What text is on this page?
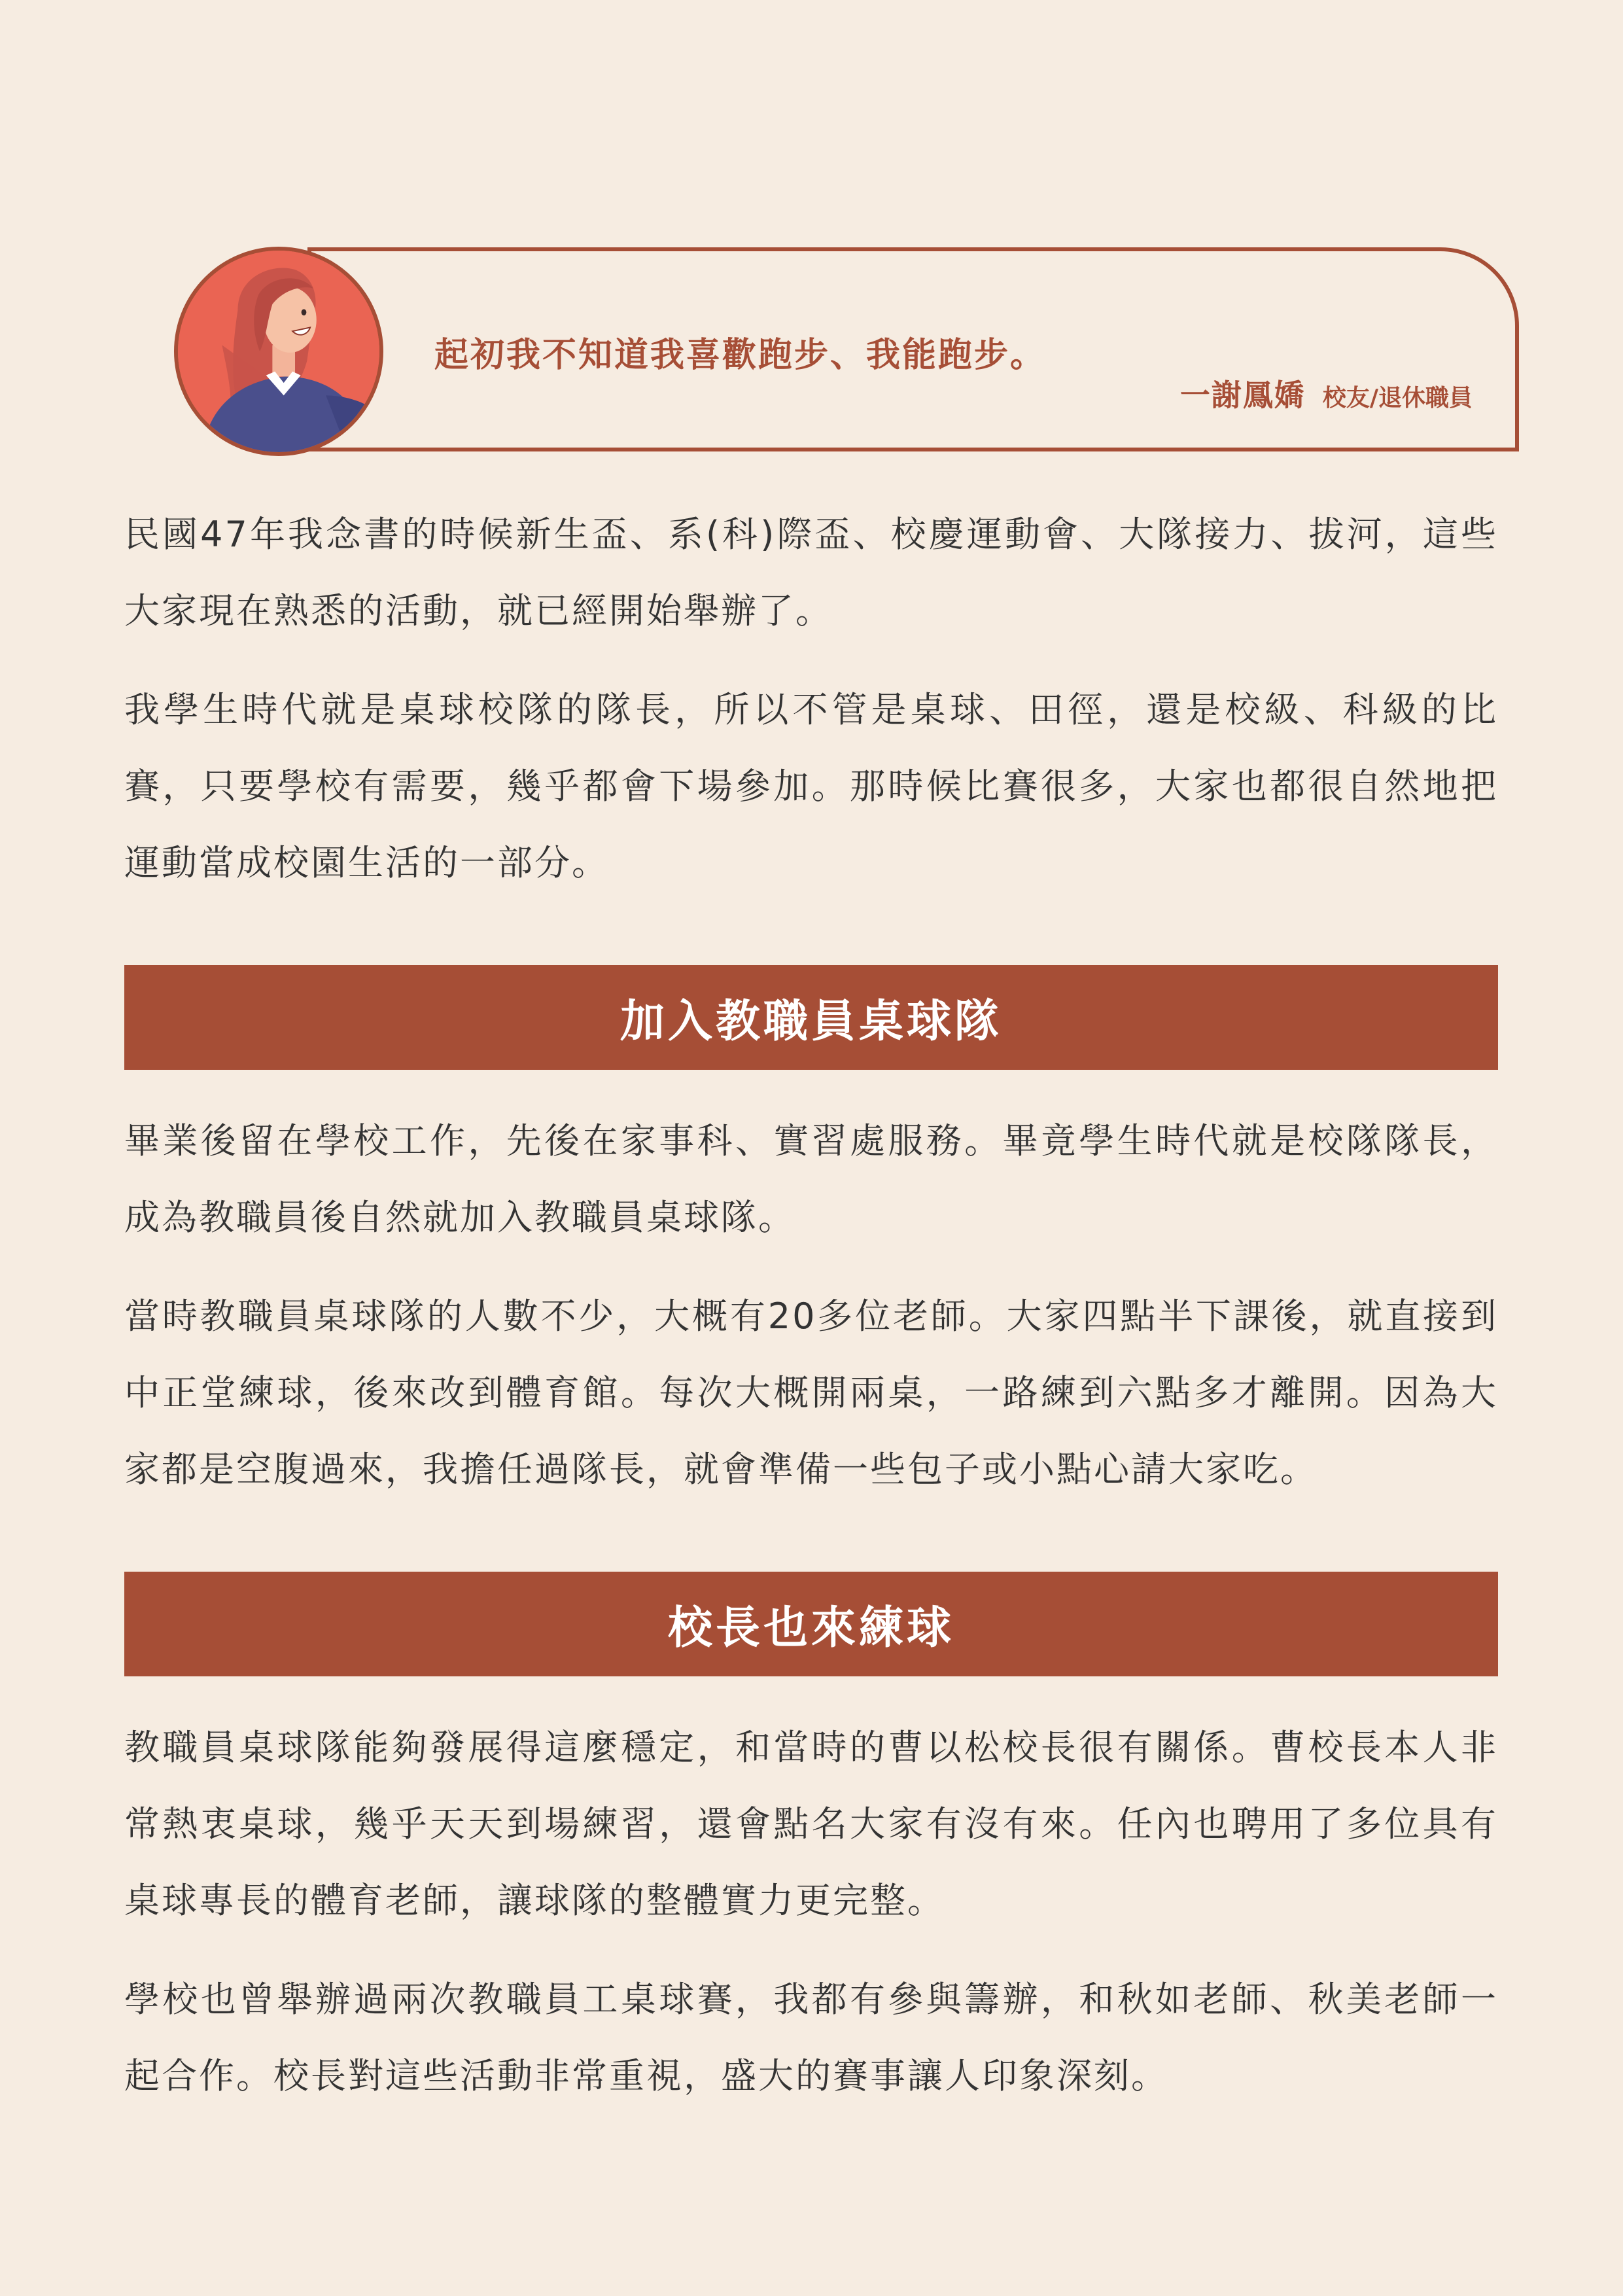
起初我不知道我喜歡跑步、我能跑步。
一謝鳳嬌 校友/退休職員

民國47年我念書的時候新生盃、系(科)際盃、校慶運動會、大隊接力、拔河，這些大家現在熟悉的活動，就已經開始舉辦了。

我學生時代就是桌球校隊的隊長，所以不管是桌球、田徑，還是校級、科級的比賽，只要學校有需要，幾乎都會下場參加。那時候比賽很多，大家也都很自然地把運動當成校園生活的一部分。

加入教職員桌球隊

畢業後留在學校工作，先後在家事科、實習處服務。畢竟學生時代就是校隊隊長，成為教職員後自然就加入教職員桌球隊。

當時教職員桌球隊的人數不少，大概有20多位老師。大家四點半下課後，就直接到中正堂練球，後來改到體育館。每次大概開兩桌，一路練到六點多才離開。因為大家都是空腹過來，我擔任過隊長，就會準備一些包子或小點心請大家吃。

校長也來練球

教職員桌球隊能夠發展得這麼穩定，和當時的曹以松校長很有關係。曹校長本人非常熱衷桌球，幾乎天天到場練習，還會點名大家有沒有來。任內也聘用了多位具有桌球專長的體育老師，讓球隊的整體實力更完整。

學校也曾舉辦過兩次教職員工桌球賽，我都有參與籌辦，和秋如老師、秋美老師一起合作。校長對這些活動非常重視，盛大的賽事讓人印象深刻。
